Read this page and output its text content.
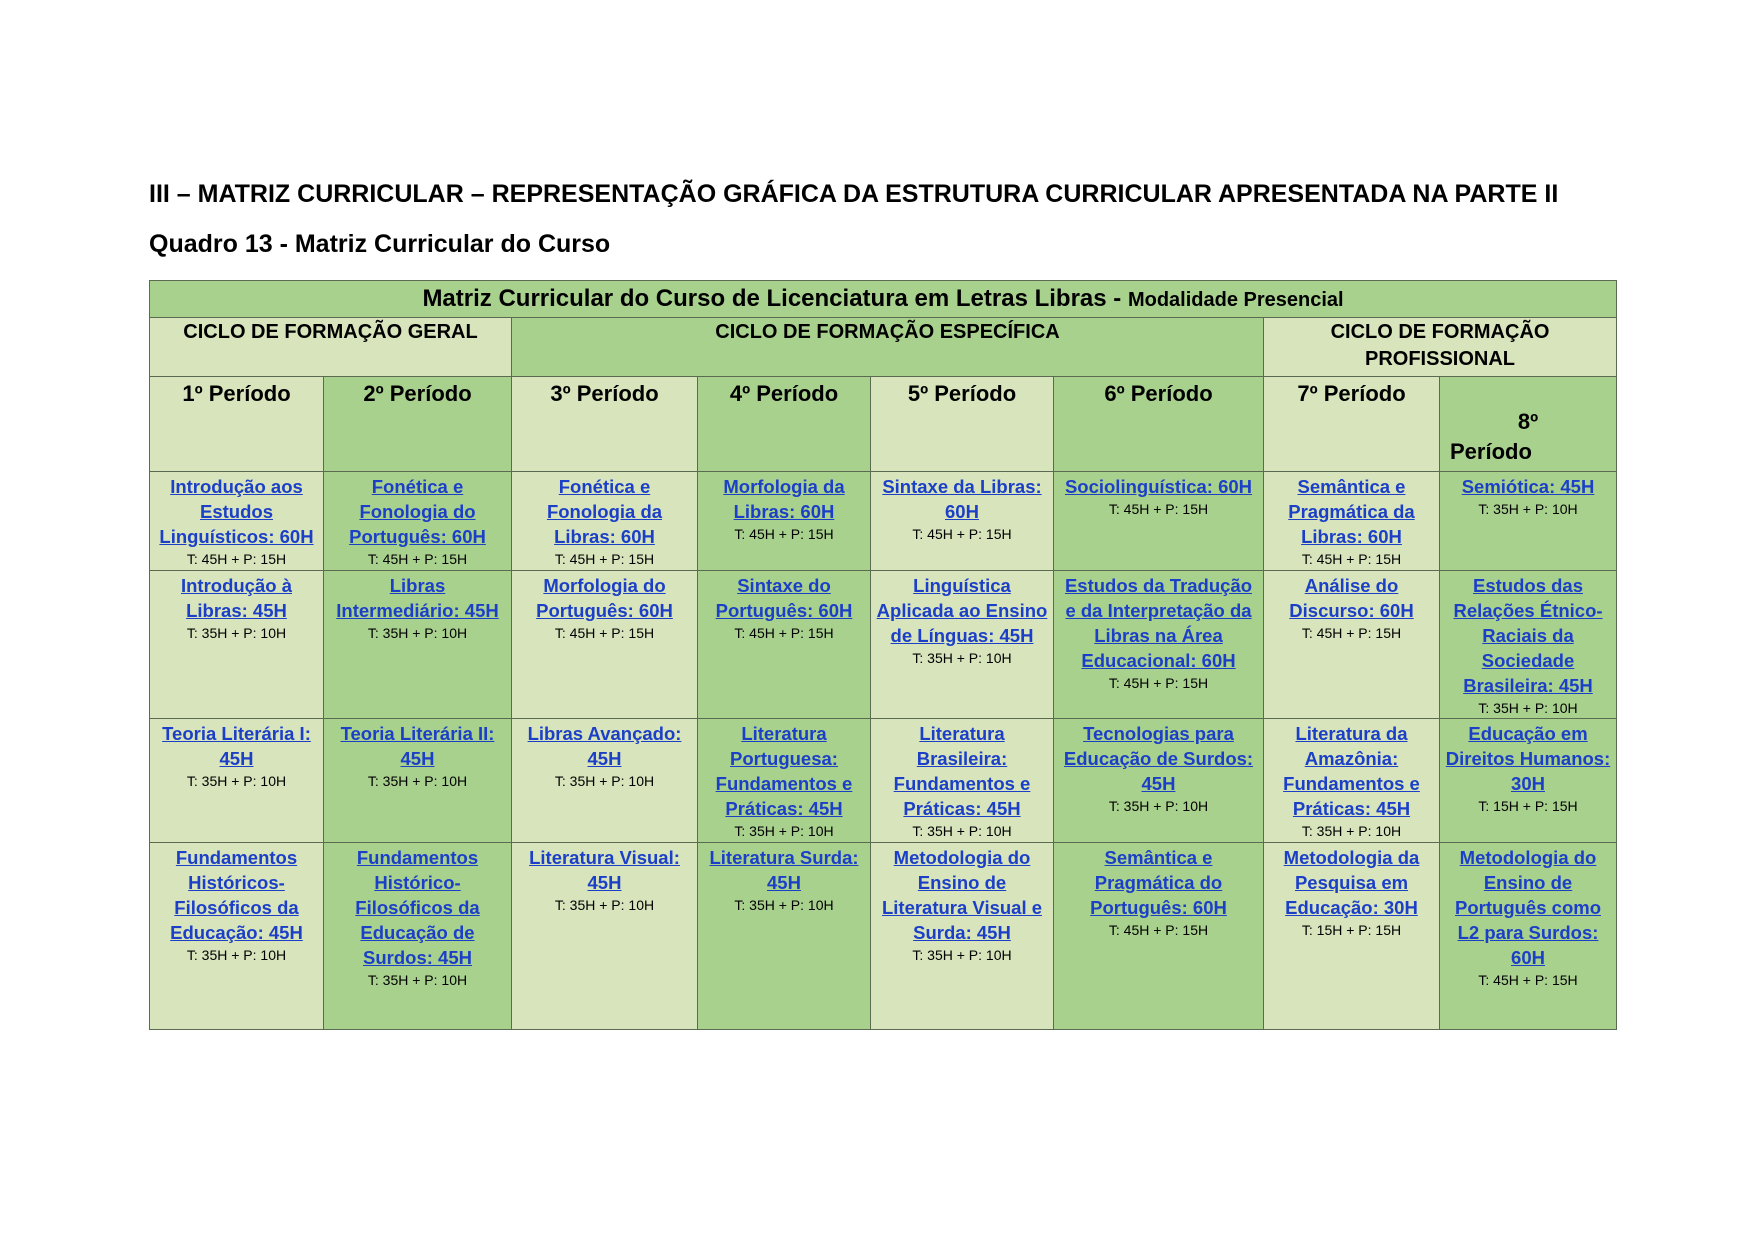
III – MATRIZ CURRICULAR – REPRESENTAÇÃO GRÁFICA DA ESTRUTURA CURRICULAR APRESENTADA NA PARTE II
Quadro 13 - Matriz Curricular do Curso
Matriz Curricular do Curso de Licenciatura em Letras Libras - Modalidade Presencial							
CICLO DE FORMAÇÃO GERAL		CICLO DE FORMAÇÃO ESPECÍFICA				CICLO DE FORMAÇÃO PROFISSIONAL	

1º Período	2º Período	3º Período	4º Período	5º Período	6º Período	7º Período	8º
Período

Introdução aos Estudos Linguísticos: 60H
T: 45H + P: 15H	Fonética e Fonologia do Português: 60H
T: 45H + P: 15H	Fonética e Fonologia da Libras: 60H
T: 45H + P: 15H	Morfologia da Libras: 60H
T: 45H + P: 15H	Sintaxe da Libras: 60H
T: 45H + P: 15H	Sociolinguística: 60H
T: 45H + P: 15H	Semântica e Pragmática da Libras: 60H
T: 45H + P: 15H	Semiótica: 45H
T: 35H + P: 10H

Introdução à Libras: 45H
T: 35H + P: 10H	Libras Intermediário: 45H
T: 35H + P: 10H	Morfologia do Português: 60H
T: 45H + P: 15H	Sintaxe do Português: 60H
T: 45H + P: 15H	Linguística Aplicada ao Ensino de Línguas: 45H
T: 35H + P: 10H	Estudos da Tradução e da Interpretação da Libras na Área Educacional: 60H
T: 45H + P: 15H	Análise do Discurso: 60H
T: 45H + P: 15H	Estudos das Relações Étnico-Raciais da Sociedade Brasileira: 45H
T: 35H + P: 10H

Teoria Literária I: 45H
T: 35H + P: 10H	Teoria Literária II: 45H
T: 35H + P: 10H	Libras Avançado: 45H
T: 35H + P: 10H	Literatura Portuguesa: Fundamentos e Práticas: 45H
T: 35H + P: 10H	Literatura Brasileira: Fundamentos e Práticas: 45H
T: 35H + P: 10H	Tecnologias para Educação de Surdos: 45H
T: 35H + P: 10H	Literatura da Amazônia: Fundamentos e Práticas: 45H
T: 35H + P: 10H	Educação em Direitos Humanos: 30H
T: 15H + P: 15H

Fundamentos Históricos-Filosóficos da Educação: 45H
T: 35H + P: 10H	Fundamentos Histórico-Filosóficos da Educação de Surdos: 45H
T: 35H + P: 10H	Literatura Visual: 45H
T: 35H + P: 10H	Literatura Surda: 45H
T: 35H + P: 10H	Metodologia do Ensino de Literatura Visual e Surda: 45H
T: 35H + P: 10H	Semântica e Pragmática do Português: 60H
T: 45H + P: 15H	Metodologia da Pesquisa em Educação: 30H
T: 15H + P: 15H	Metodologia do Ensino de Português como L2 para Surdos: 60H
T: 45H + P: 15H
